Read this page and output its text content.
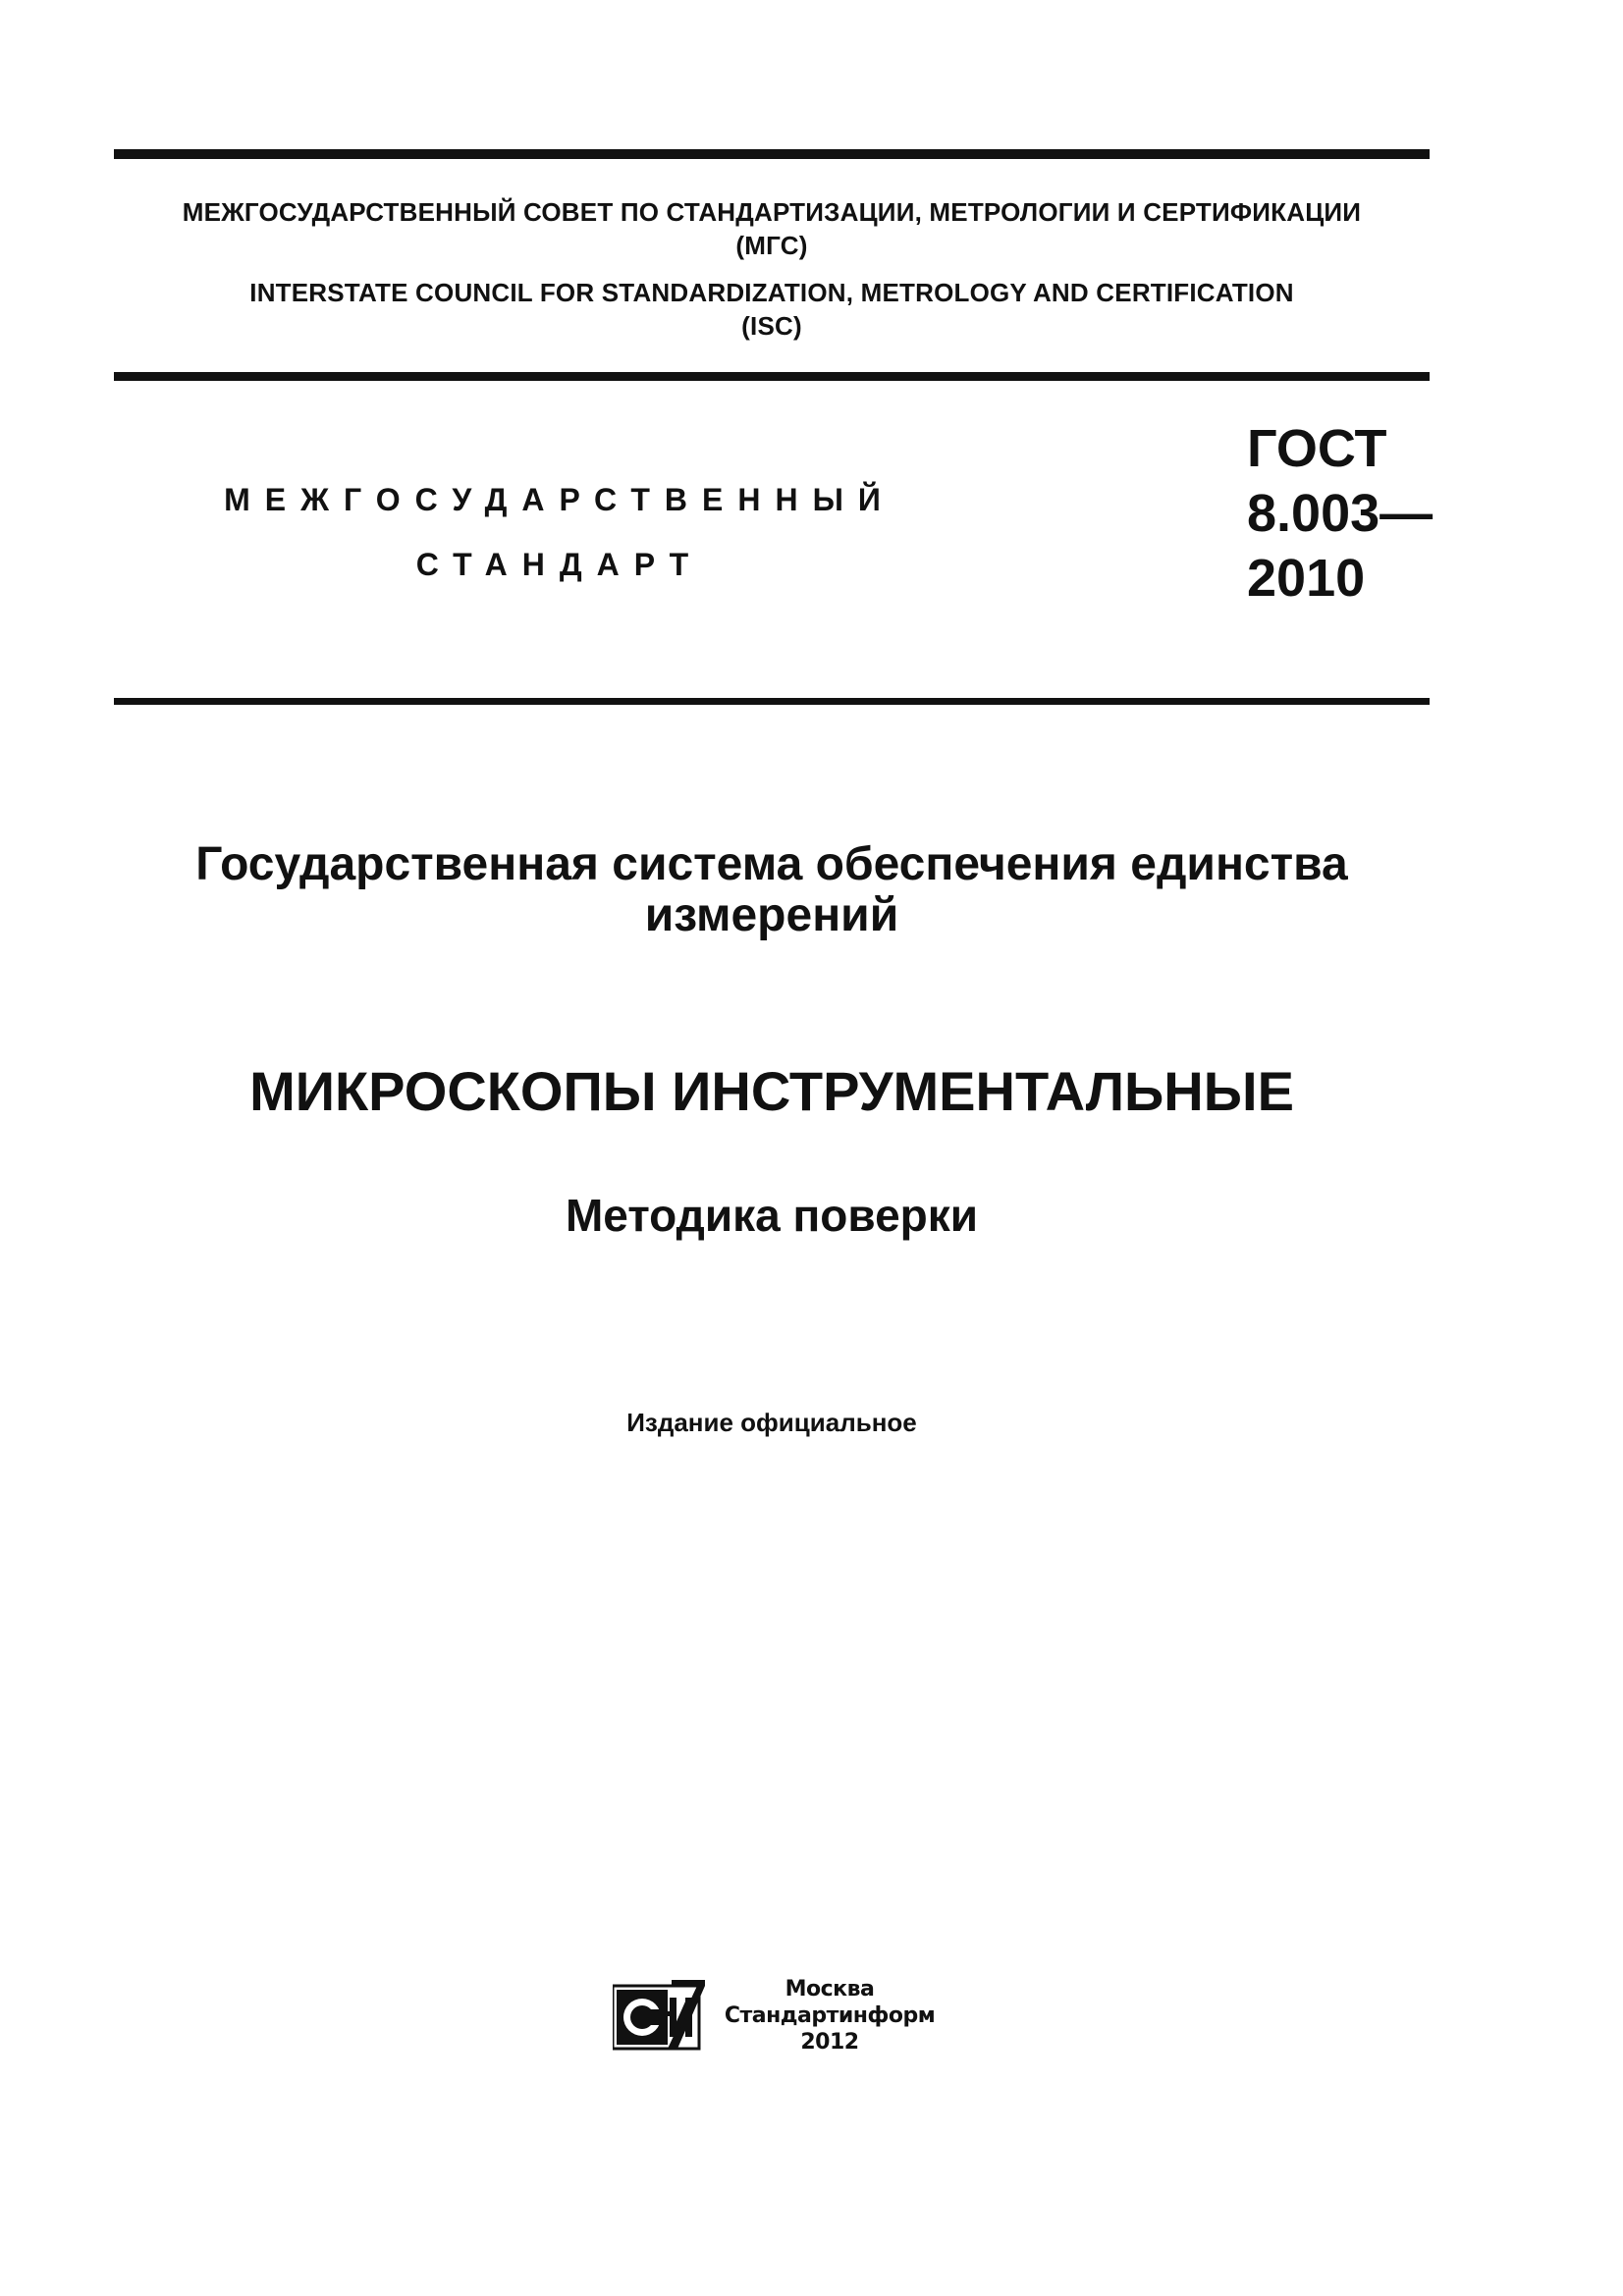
МЕЖГОСУДАРСТВЕННЫЙ СОВЕТ ПО СТАНДАРТИЗАЦИИ, МЕТРОЛОГИИ И СЕРТИФИКАЦИИ
(МГС)
INTERSTATE COUNCIL FOR STANDARDIZATION, METROLOGY AND CERTIFICATION
(ISC)
МЕЖГОСУДАРСТВЕННЫЙ
СТАНДАРТ
ГОСТ
8.003—
2010
Государственная система обеспечения единства
измерений
МИКРОСКОПЫ ИНСТРУМЕНТАЛЬНЫЕ
Методика поверки
Издание официальное
Москва
Стандартинформ
2012
